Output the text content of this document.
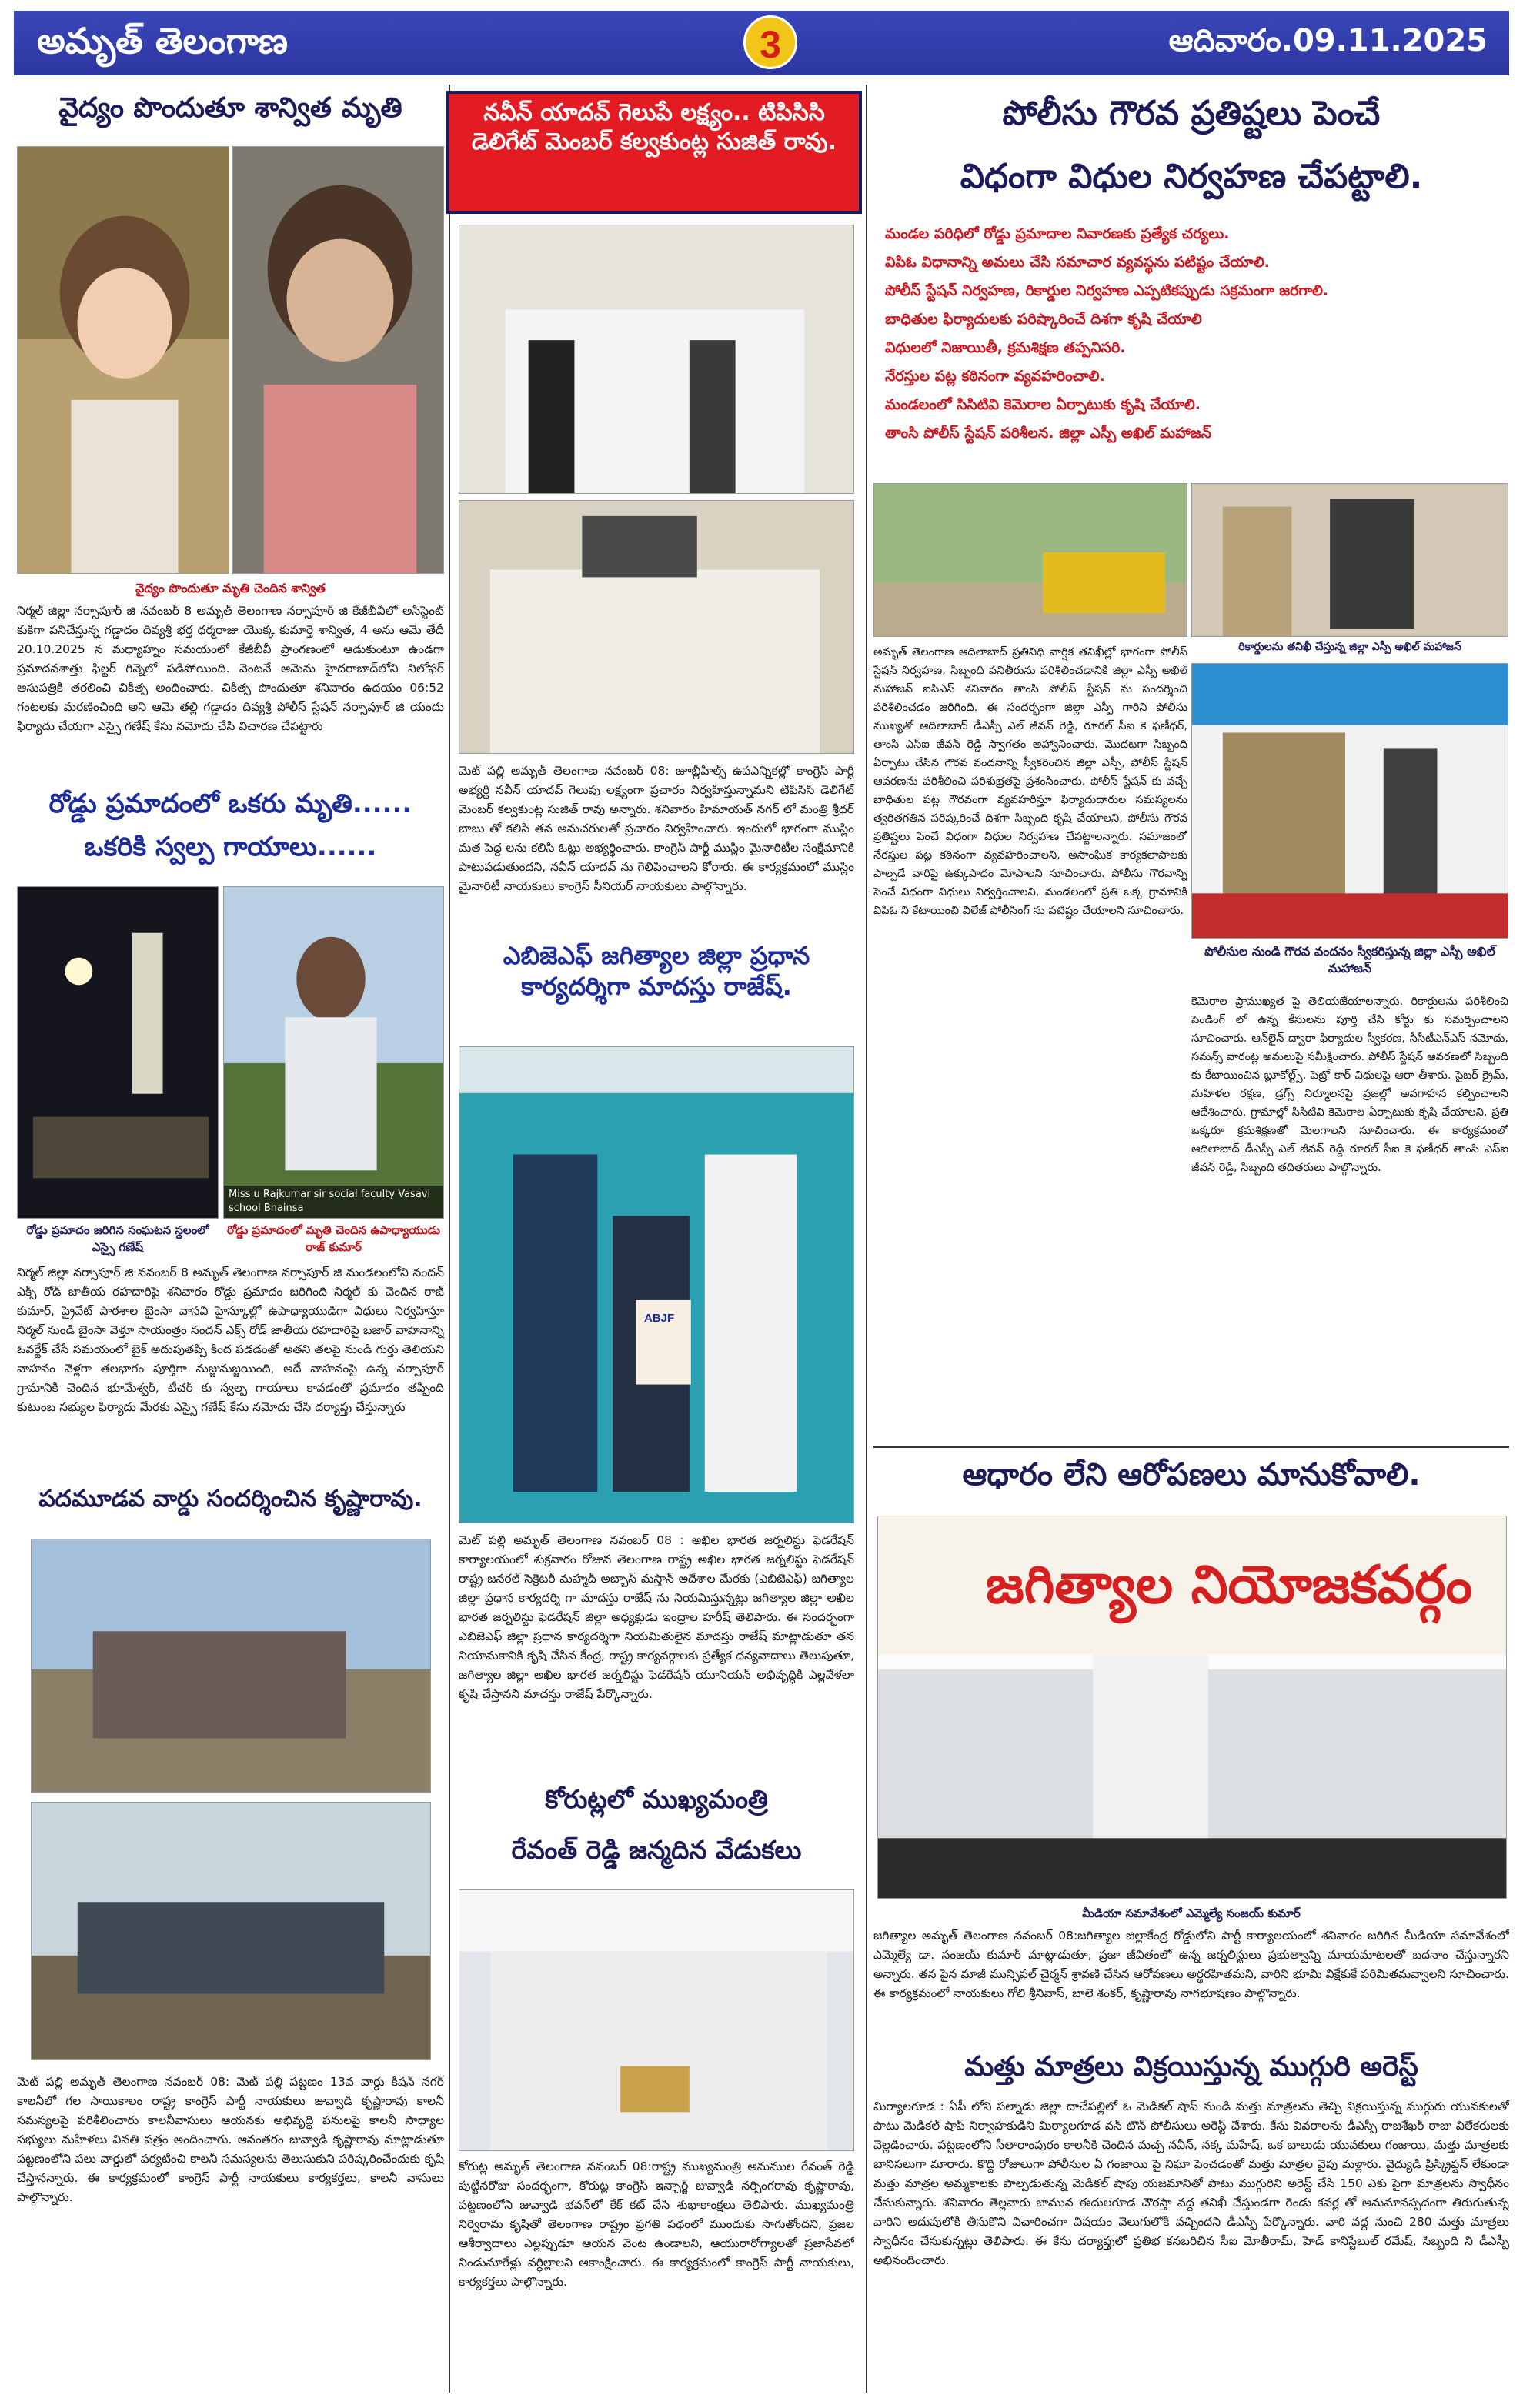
అమృత్ తెలంగాణ	3	ఆదివారం.09.11.2025
వైద్యం పొందుతూ శాన్విత మృతి
వైద్యం పొందుతూ మృతి చెందిన శాన్విత
నిర్మల్ జిల్లా నర్సాపూర్ జి నవంబర్ 8 అమృత్ తెలంగాణ నర్సాపూర్ జి కేజీబీవీలో అసిస్టెంట్ కుకిగా పనిచేస్తున్న గడ్డాదం దివ్యశ్రీ భర్త ధర్మరాజు యొక్క కుమార్తె శాన్విత, 4 అను ఆమె తేదీ 20.10.2025 న మధ్యాహ్నం సమయంలో కేజీబీవీ ప్రాంగణంలో ఆడుకుంటూ ఉండగా ప్రమాదవశాత్తు ఫిల్టర్ గిన్నెలో పడిపోయింది. వెంటనే ఆమెను హైదరాబాద్‌లోని నిలోఫర్ ఆసుపత్రికి తరలించి చికిత్స అందించారు. చికిత్స పొందుతూ శనివారం ఉదయం 06:52 గంటలకు మరణించింది అని ఆమె తల్లి గడ్డాదం దివ్యశ్రీ పోలీస్ స్టేషన్ నర్సాపూర్ జి యందు ఫిర్యాదు చేయగా ఎస్సై గణేష్ కేసు నమోదు చేసి విచారణ చేపట్టారు
రోడ్డు ప్రమాదంలో ఒకరు మృతి......
ఒకరికి స్వల్ప గాయాలు......
Miss u Rajkumar sir social faculty Vasavi school Bhainsa
రోడ్డు ప్రమాదం జరిగిన సంఘటన స్థలంలో ఎస్సై గణేష్
రోడ్డు ప్రమాదంలో మృతి చెందిన ఉపాధ్యాయుడు రాజ్ కుమార్
నిర్మల్ జిల్లా నర్సాపూర్ జి నవంబర్ 8 అమృత్ తెలంగాణ నర్సాపూర్ జి మండలంలోని నందన్ ఎక్స్ రోడ్ జాతీయ రహదారిపై శనివారం రోడ్డు ప్రమాదం జరిగింది నిర్మల్ కు చెందిన రాజ్ కుమార్, ప్రైవేట్ పాఠశాల బైంసా వాసవి హైస్కూల్లో ఉపాధ్యాయుడిగా విధులు నిర్వహిస్తూ నిర్మల్ నుండి బైంసా వెళ్తూ సాయంత్రం నందన్ ఎక్స్ రోడ్ జాతీయ రహదారిపై బజార్ వాహనాన్ని ఓవర్టేక్ చేసే సమయంలో బైక్ అదుపుతప్పి కింద పడడంతో అతని తలపై నుండి గుర్తు తెలియని వాహనం వెళ్లగా తలభాగం పూర్తిగా నుజ్జునుజ్జయింది, అదే వాహనంపై ఉన్న నర్సాపూర్ గ్రామానికి చెందిన భూమేశ్వర్, టీచర్ కు స్వల్ప గాయాలు కావడంతో ప్రమాదం తప్పింది కుటుంబ సభ్యుల ఫిర్యాదు మేరకు ఎస్సై గణేష్ కేసు నమోదు చేసి దర్యాప్తు చేస్తున్నారు
పదమూడవ వార్డు సందర్శించిన కృష్ణారావు.
మెట్ పల్లి అమృత్ తెలంగాణ నవంబర్ 08: మెట్ పల్లి పట్టణం 13వ వార్డు కిషన్ నగర్ కాలనీలో గల సాయికాలం రాష్ట్ర కాంగ్రెస్ పార్టీ నాయకులు జువ్వాడి కృష్ణారావు కాలనీ సమస్యలపై పరిశీలించారు కాలనీవాసులు ఆయనకు అభివృద్ధి పనులపై కాలనీ సాధ్యాల సభ్యులు మహిళలు వినతి పత్రం అందించారు. ఆనంతరం జువ్వాడి కృష్ణారావు మాట్లాడుతూ పట్టణంలోని పలు వార్డులో పర్యటించి కాలనీ సమస్యలను తెలుసుకుని పరిష్కరించేందుకు కృషి చేస్తానన్నారు. ఈ కార్యక్రమంలో కాంగ్రెస్ పార్టీ నాయకులు కార్యకర్తలు, కాలనీ వాసులు పాల్గొన్నారు.
నవీన్ యాదవ్ గెలుపే లక్ష్యం.. టిపిసిసి డెలిగేట్ మెంబర్ కల్వకుంట్ల సుజిత్ రావు.
మెట్ పల్లి అమృత్ తెలంగాణ నవంబర్ 08: జూబ్లీహిల్స్ ఉపఎన్నికల్లో కాంగ్రెస్ పార్టీ అభ్యర్థి నవీన్ యాదవ్ గెలుపు లక్ష్యంగా ప్రచారం నిర్వహిస్తున్నామని టిపిసిసి డెలిగేట్ మెంబర్ కల్వకుంట్ల సుజిత్ రావు అన్నారు. శనివారం హిమాయత్ నగర్ లో మంత్రి శ్రీధర్ బాబు తో కలిసి తన అనుచరులతో ప్రచారం నిర్వహించారు. ఇందులో భాగంగా ముస్లిం మత పెద్ద లను కలిసి ఓట్లు అభ్యర్థించారు. కాంగ్రెస్ పార్టీ ముస్లిం మైనారిటీల సంక్షేమానికి పాటుపడుతుందని, నవీన్ యాదవ్ ను గెలిపించాలని కోరారు. ఈ కార్యక్రమంలో ముస్లిం మైనారిటీ నాయకులు కాంగ్రెస్ సీనియర్ నాయకులు పాల్గొన్నారు.
ఎబిజెఎఫ్ జగిత్యాల జిల్లా ప్రధాన కార్యదర్శిగా మాదస్తు రాజేష్.
ABJF
మెట్ పల్లి అమృత్ తెలంగాణ నవంబర్ 08 : అఖిల భారత జర్నలిస్టు ఫెడరేషన్ కార్యాలయంలో శుక్రవారం రోజున తెలంగాణ రాష్ట్ర అఖిల భారత జర్నలిస్టు ఫెడరేషన్ రాష్ట్ర జనరల్ సెక్రెటరీ మహ్మద్ అబ్బాస్ మస్తాన్ అదేశాల మేరకు (ఎబిజెఎఫ్) జగిత్యాల జిల్లా ప్రధాన కార్యదర్శి గా మాదస్తు రాజేష్ ను నియమిస్తున్నట్లు జగిత్యాల జిల్లా అఖిల భారత జర్నలిస్టు ఫెడరేషన్ జిల్లా అధ్యక్షుడు ఇంద్రాల హరీష్ తెలిపారు. ఈ సందర్భంగా ఎబిజెఎఫ్ జిల్లా ప్రధాన కార్యదర్శిగా నియమితులైన మాదస్తు రాజేష్ మాట్లాడుతూ తన నియామకానికి కృషి చేసిన కేంద్ర, రాష్ట్ర కార్యవర్గాలకు ప్రత్యేక ధన్యవాదాలు తెలుపుతూ, జగిత్యాల జిల్లా అఖిల భారత జర్నలిస్టు ఫెడరేషన్ యూనియన్ అభివృద్ధికి ఎల్లవేళలా కృషి చేస్తానని మాదస్తు రాజేష్ పేర్కొన్నారు.
కోరుట్లలో ముఖ్యమంత్రి
రేవంత్ రెడ్డి జన్మదిన వేడుకలు
కోరుట్ల అమృత్ తెలంగాణ నవంబర్ 08:రాష్ట్ర ముఖ్యమంత్రి అనుముల రేవంత్ రెడ్డి పుట్టినరోజు సందర్భంగా, కోరుట్ల కాంగ్రెస్ ఇన్చార్జ్ జువ్వాడి నర్సింగరావు కృష్ణారావు, పట్టణంలోని జువ్వాడి భవన్‌లో కేక్ కట్ చేసి శుభాకాంక్షలు తెలిపారు. ముఖ్యమంత్రి నిర్విరామ కృషితో తెలంగాణ రాష్ట్రం ప్రగతి పథంలో ముందుకు సాగుతోందని, ప్రజల ఆశీర్వాదాలు ఎల్లప్పుడూ ఆయన వెంట ఉండాలని, ఆయురారోగ్యాలతో ప్రజాసేవలో నిండునూరేళ్లు వర్ధిల్లాలని ఆకాంక్షించారు. ఈ కార్యక్రమంలో కాంగ్రెస్ పార్టీ నాయకులు, కార్యకర్తలు పాల్గొన్నారు.
పోలీసు గౌరవ ప్రతిష్టలు పెంచే
విధంగా విధుల నిర్వహణ చేపట్టాలి.
మండల పరిధిలో రోడ్డు ప్రమాదాల నివారణకు ప్రత్యేక చర్యలు.
విపిఓ విధానాన్ని అమలు చేసి సమాచార వ్యవస్థను పటిష్టం చేయాలి.
పోలీస్ స్టేషన్ నిర్వహణ, రికార్డుల నిర్వహణ ఎప్పటికప్పుడు సక్రమంగా జరగాలి.
బాధితుల ఫిర్యాదులకు పరిష్కారించే దిశగా కృషి చేయాలి
విధులలో నిజాయితీ, క్రమశిక్షణ తప్పనిసరి.
నేరస్తుల పట్ల కఠినంగా వ్యవహరించాలి.
మండలంలో సిసిటివి కెమెరాల ఏర్పాటుకు కృషి చేయాలి.
తాంసి పోలీస్ స్టేషన్ పరిశీలన. జిల్లా ఎస్పీ అఖిల్ మహాజన్
రికార్డులను తనిఖీ చేస్తున్న జిల్లా ఎస్పీ అఖిల్ మహాజన్
అమృత్ తెలంగాణ ఆదిలాబాద్ ప్రతినిధి వార్షిక తనిఖీల్లో భాగంగా పోలీస్ స్టేషన్ నిర్వహణ, సిబ్బంది పనితీరును పరిశీలించడానికి జిల్లా ఎస్పీ అఖిల్ మహాజన్ ఐపిఎస్ శనివారం తాంసి పోలీస్ స్టేషన్ ను సందర్శించి పరిశీలించడం జరిగింది. ఈ సందర్భంగా జిల్లా ఎస్పీ గారిని పోలీసు ముఖ్యతో ఆదిలాబాద్ డీఎస్పీ ఎల్ జీవన్ రెడ్డి, రూరల్ సీఐ కె ఫణీధర్, తాంసి ఎస్ఐ జీవన్ రెడ్డి స్వాగతం అహ్వానించారు. మొదటగా సిబ్బంది ఏర్పాటు చేసిన గౌరవ వందనాన్ని స్వీకరించిన జిల్లా ఎస్పీ, పోలీస్ స్టేషన్ ఆవరణను పరిశీలించి పరిశుభ్రతపై ప్రశంసించారు. పోలీస్ స్టేషన్ కు వచ్చే బాధితుల పట్ల గౌరవంగా వ్యవహరిస్తూ ఫిర్యాదుదారుల సమస్యలను త్వరితగతిన పరిష్కరించే దిశగా సిబ్బంది కృషి చేయాలని, పోలీసు గౌరవ ప్రతిష్టలు పెంచే విధంగా విధుల నిర్వహణ చేపట్టాలన్నారు. సమాజంలో నేరస్తుల పట్ల కఠినంగా వ్యవహరించాలని, అసాంఘిక కార్యకలాపాలకు పాల్పడే వారిపై ఉక్కుపాదం మోపాలని సూచించారు. పోలీసు గౌరవాన్ని పెంచే విధంగా విధులు నిర్వర్తించాలని, మండలంలో ప్రతి ఒక్క గ్రామానికి విపిఓ ని కేటాయించి విలేజ్ పోలీసింగ్ ను పటిష్టం చేయాలని సూచించారు.
పోలీసుల నుండి గౌరవ వందనం స్వీకరిస్తున్న జిల్లా ఎస్పీ అఖిల్ మహాజన్
కెమెరాల ప్రాముఖ్యత పై తెలియజేయాలన్నారు. రికార్డులను పరిశీలించి పెండింగ్ లో ఉన్న కేసులను పూర్తి చేసి కోర్టు కు సమర్పించాలని సూచించారు. ఆన్‌లైన్ ద్వారా ఫిర్యాదుల స్వీకరణ, సీసీటీఎన్ఎస్ నమోదు, సమన్స్ వారంట్ల అమలుపై సమీక్షించారు. పోలీస్ స్టేషన్ ఆవరణలో సిబ్బంది కు కేటాయించిన బ్లూకోల్ట్స్, పెట్రో కార్ విధులపై ఆరా తీశారు. సైబర్ క్రైమ్, మహిళల రక్షణ, డ్రగ్స్ నిర్మూలనపై ప్రజల్లో అవగాహన కల్పించాలని ఆదేశించారు. గ్రామాల్లో సిసిటివి కెమెరాల ఏర్పాటుకు కృషి చేయాలని, ప్రతి ఒక్కరూ క్రమశిక్షణతో మెలగాలని సూచించారు. ఈ కార్యక్రమంలో ఆదిలాబాద్ డీఎస్పీ ఎల్ జీవన్ రెడ్డి రూరల్ సీఐ కె ఫణీధర్ తాంసి ఎస్ఐ జీవన్ రెడ్డి, సిబ్బంది తదితరులు పాల్గొన్నారు.
ఆధారం లేని ఆరోపణలు మానుకోవాలి.
జగిత్యాల నియోజకవర్గం
మీడియా సమావేశంలో ఎమ్మెల్యే సంజయ్ కుమార్
జగిత్యాల అమృత్ తెలంగాణ నవంబర్ 08:జగిత్యాల జిల్లాకేంద్ర రోడ్డులోని పార్టీ కార్యాలయంలో శనివారం జరిగిన మీడియా సమావేశంలో ఎమ్మెల్యే డా. సంజయ్ కుమార్ మాట్లాడుతూ, ప్రజా జీవితంలో ఉన్న జర్నలిస్టులు ప్రభుత్వాన్ని మాయమాటలతో బదనాం చేస్తున్నారని అన్నారు. తన పైన మాజీ మున్సిపల్ చైర్మన్ శ్రావణి చేసిన ఆరోపణలు అర్థరహితమని, వారిని భూమి విక్షేకుకే పరిమితమవ్వాలని సూచించారు. ఈ కార్యక్రమంలో నాయకులు గోలి శ్రీనివాస్, బాలె శంకర్, కృష్ణారావు నాగభూషణం పాల్గొన్నారు.
మత్తు మాత్రలు విక్రయిస్తున్న ముగ్గురి అరెస్ట్
మిర్యాలగూడ : ఏపీ లోని పల్నాడు జిల్లా దాచేపల్లిలో ఓ మెడికల్ షాప్ నుండి మత్తు మాత్రలను తెచ్చి విక్రయిస్తున్న ముగ్గురు యువకులతో పాటు మెడికల్ షాప్ నిర్వాహకుడిని మిర్యాలగూడ వన్ టౌన్ పోలీసులు అరెస్ట్ చేశారు. కేసు వివరాలను డీఎస్పీ రాజశేఖర్ రాజు విలేకరులకు వెల్లడించారు. పట్టణంలోని సీతారాంపురం కాలనీకి చెందిన మచ్చ నవీన్, నక్క మహేష్, ఒక బాలుడు యువకులు గంజాయి, మత్తు మాత్రలకు బానిసలుగా మారారు. కొద్ది రోజులుగా పోలీసుల ఏ గంజాయి పై నిఘా పెంచడంతో మత్తు మాత్రల వైపు మళ్లారు. వైద్యుడి ప్రిస్క్రిప్షన్ లేకుండా మత్తు మాత్రల అమ్మకాలకు పాల్పడుతున్న మెడికల్ షాపు యజమానితో పాటు ముగ్గురిని అరెస్ట్ చేసి 150 ఎకు పైగా మాత్రలను స్వాధీనం చేసుకున్నారు. శనివారం తెల్లవారు జామున ఈదులగూడ చౌరస్తా వద్ద తనిఖీ చేస్తుండగా రెండు కవర్ల తో అనుమానస్పదంగా తిరుగుతున్న వారిని అదుపులోకి తీసుకొని విచారించగా విషయం వెలుగులోకి వచ్చిందని డీఎస్పీ పేర్కొన్నారు. వారి వద్ద నుంచి 280 మత్తు మాత్రలు స్వాధీనం చేసుకున్నట్లు తెలిపారు. ఈ కేసు దర్యాప్తులో ప్రతిభ కనబరిచిన సీఐ మోతీరామ్, హెడ్ కానిస్టేబుల్ రమేష్, సిబ్బంది ని డీఎస్పీ అభినందించారు.
